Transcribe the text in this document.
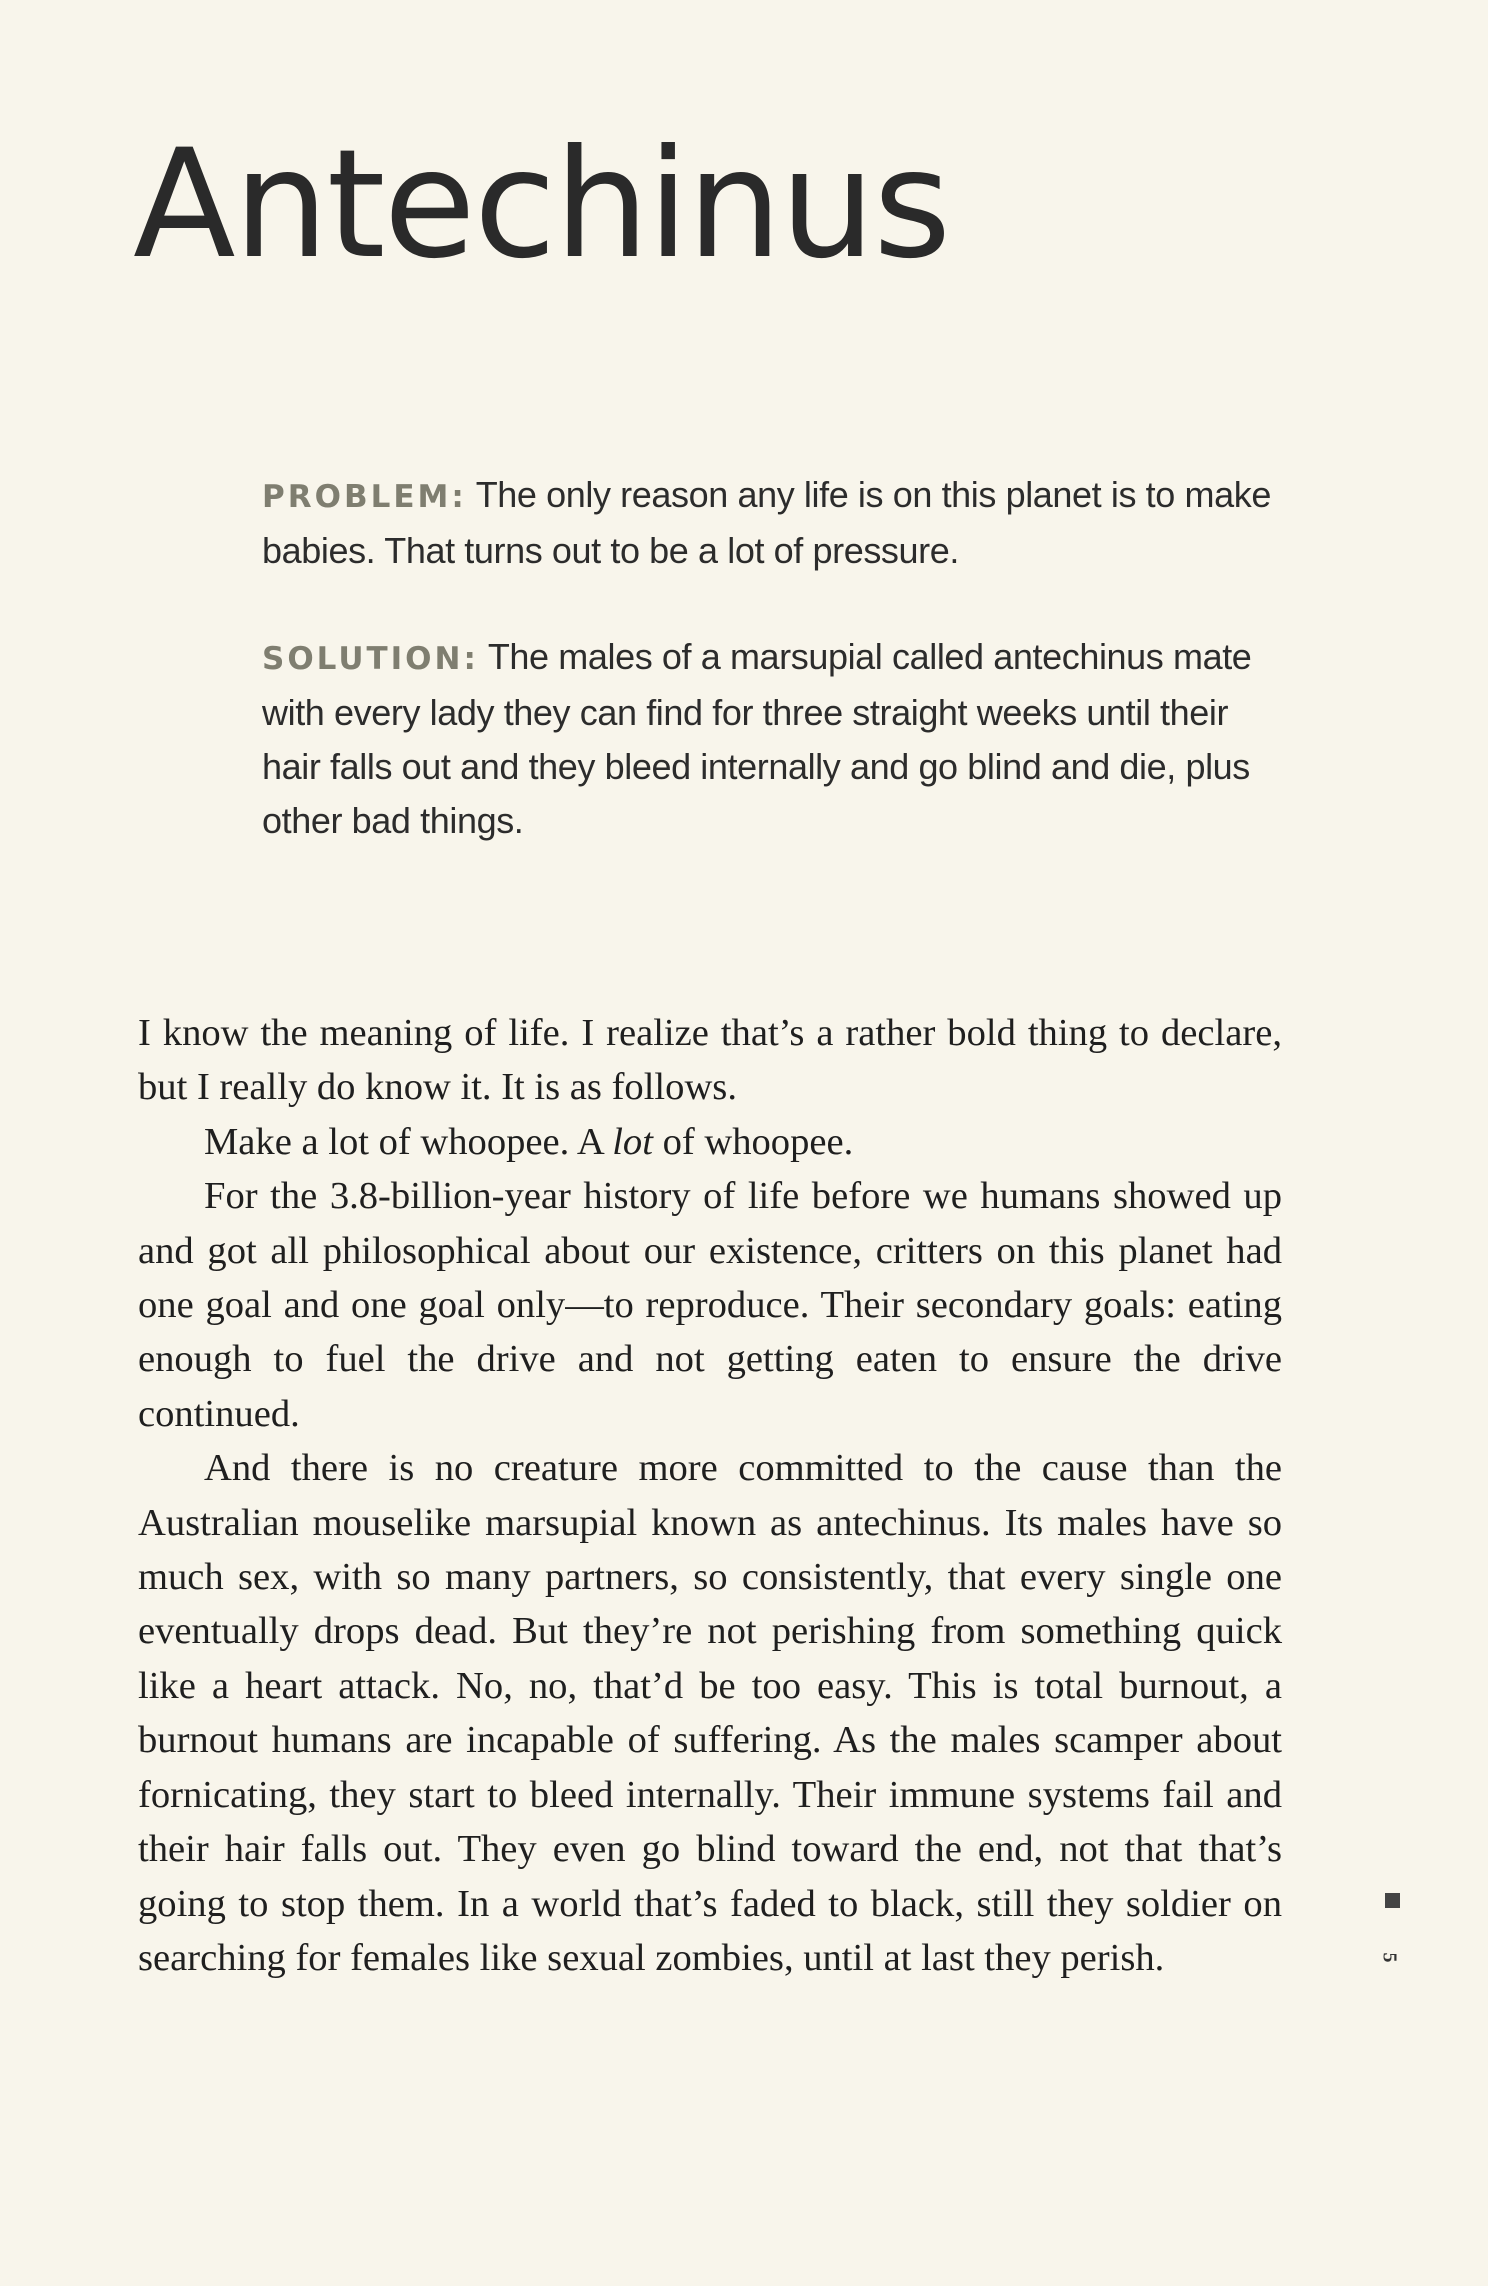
Antechinus
PROBLEM: The only reason any life is on this planet is to make babies. That turns out to be a lot of pressure.
SOLUTION: The males of a marsupial called antechinus mate with every lady they can find for three straight weeks until their hair falls out and they bleed internally and go blind and die, plus other bad things.

I know the meaning of life. I realize that’s a rather bold thing to declare, but I really do know it. It is as follows.

Make a lot of whoopee. A lot of whoopee.

For the 3.8-billion-year history of life before we humans showed up and got all philosophical about our existence, critters on this planet had one goal and one goal only—to reproduce. Their secondary goals: eating enough to fuel the drive and not getting eaten to ensure the drive continued.

And there is no creature more committed to the cause than the Australian mouselike marsupial known as antechinus. Its males have so much sex, with so many partners, so consistently, that every single one eventually drops dead. But they’re not perishing from something quick like a heart attack. No, no, that’d be too easy. This is total burnout, a burnout humans are incapable of suffering. As the males scamper about fornicating, they start to bleed internally. Their immune systems fail and their hair falls out. They even go blind toward the end, not that that’s going to stop them. In a world that’s faded to black, still they soldier on searching for females like sexual zombies, until at last they perish.	5
